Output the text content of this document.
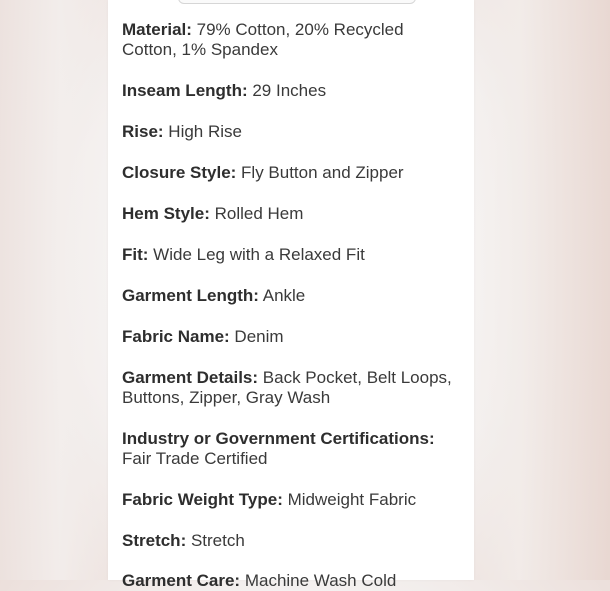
Material: 79% Cotton, 20% Recycled Cotton, 1% Spandex
Inseam Length: 29 Inches
Rise: High Rise
Closure Style: Fly Button and Zipper
Hem Style: Rolled Hem
Fit: Wide Leg with a Relaxed Fit
Garment Length: Ankle
Fabric Name: Denim
Garment Details: Back Pocket, Belt Loops, Buttons, Zipper, Gray Wash
Industry or Government Certifications: Fair Trade Certified
Fabric Weight Type: Midweight Fabric
Stretch: Stretch
Garment Care: Machine Wash Cold
